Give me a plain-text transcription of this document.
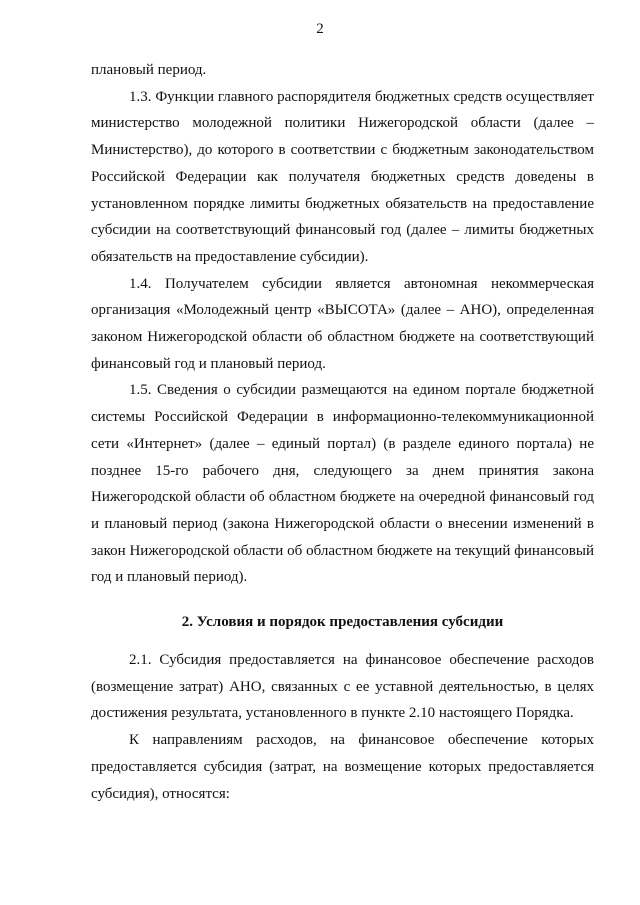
2

плановый период.

1.3. Функции главного распорядителя бюджетных средств осуществляет министерство молодежной политики Нижегородской области (далее – Министерство), до которого в соответствии с бюджетным законодательством Российской Федерации как получателя бюджетных средств доведены в установленном порядке лимиты бюджетных обязательств на предоставление субсидии на соответствующий финансовый год (далее – лимиты бюджетных обязательств на предоставление субсидии).

1.4. Получателем субсидии является автономная некоммерческая организация «Молодежный центр «ВЫСОТА» (далее – АНО), определенная законом Нижегородской области об областном бюджете на соответствующий финансовый год и плановый период.

1.5. Сведения о субсидии размещаются на едином портале бюджетной системы Российской Федерации в информационно-телекоммуникационной сети «Интернет» (далее – единый портал) (в разделе единого портала) не позднее 15-го рабочего дня, следующего за днем принятия закона Нижегородской области об областном бюджете на очередной финансовый год и плановый период (закона Нижегородской области о внесении изменений в закон Нижегородской области об областном бюджете на текущий финансовый год и плановый период).

2. Условия и порядок предоставления субсидии

2.1. Субсидия предоставляется на финансовое обеспечение расходов (возмещение затрат) АНО, связанных с ее уставной деятельностью, в целях достижения результата, установленного в пункте 2.10 настоящего Порядка.

К направлениям расходов, на финансовое обеспечение которых предоставляется субсидия (затрат, на возмещение которых предоставляется субсидия), относятся:
